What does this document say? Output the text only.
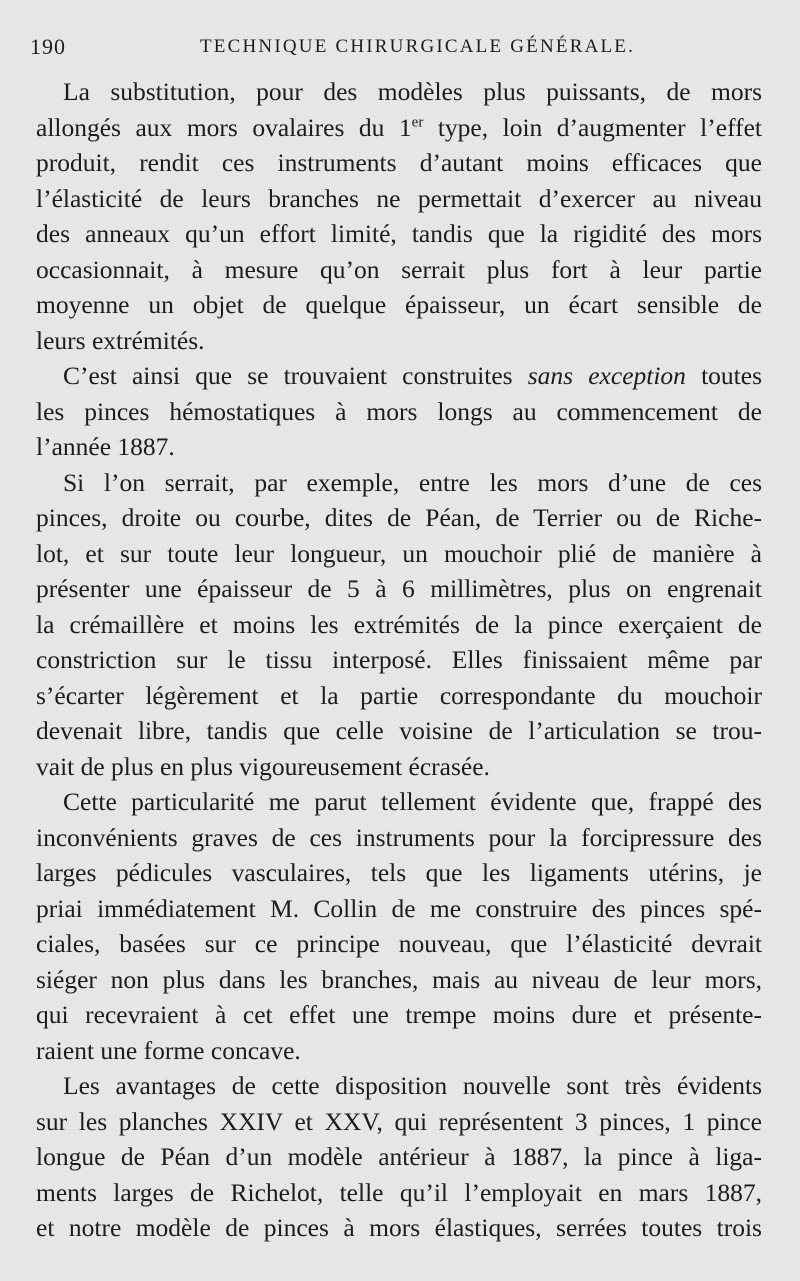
190	TECHNIQUE CHIRURGICALE GÉNÉRALE.

La substitution, pour des modèles plus puissants, de mors
allongés aux mors ovalaires du 1er type, loin d’augmenter l’effet
produit, rendit ces instruments d’autant moins efficaces que
l’élasticité de leurs branches ne permettait d’exercer au niveau
des anneaux qu’un effort limité, tandis que la rigidité des mors
occasionnait, à mesure qu’on serrait plus fort à leur partie
moyenne un objet de quelque épaisseur, un écart sensible de
leurs extrémités.

C’est ainsi que se trouvaient construites sans exception toutes
les pinces hémostatiques à mors longs au commencement de
l’année 1887.

Si l’on serrait, par exemple, entre les mors d’une de ces
pinces, droite ou courbe, dites de Péan, de Terrier ou de Riche-
lot, et sur toute leur longueur, un mouchoir plié de manière à
présenter une épaisseur de 5 à 6 millimètres, plus on engrenait
la crémaillère et moins les extrémités de la pince exerçaient de
constriction sur le tissu interposé. Elles finissaient même par
s’écarter légèrement et la partie correspondante du mouchoir
devenait libre, tandis que celle voisine de l’articulation se trou-
vait de plus en plus vigoureusement écrasée.

Cette particularité me parut tellement évidente que, frappé des
inconvénients graves de ces instruments pour la forcipressure des
larges pédicules vasculaires, tels que les ligaments utérins, je
priai immédiatement M. Collin de me construire des pinces spé-
ciales, basées sur ce principe nouveau, que l’élasticité devrait
siéger non plus dans les branches, mais au niveau de leur mors,
qui recevraient à cet effet une trempe moins dure et présente-
raient une forme concave.

Les avantages de cette disposition nouvelle sont très évidents
sur les planches XXIV et XXV, qui représentent 3 pinces, 1 pince
longue de Péan d’un modèle antérieur à 1887, la pince à liga-
ments larges de Richelot, telle qu’il l’employait en mars 1887,
et notre modèle de pinces à mors élastiques, serrées toutes trois
